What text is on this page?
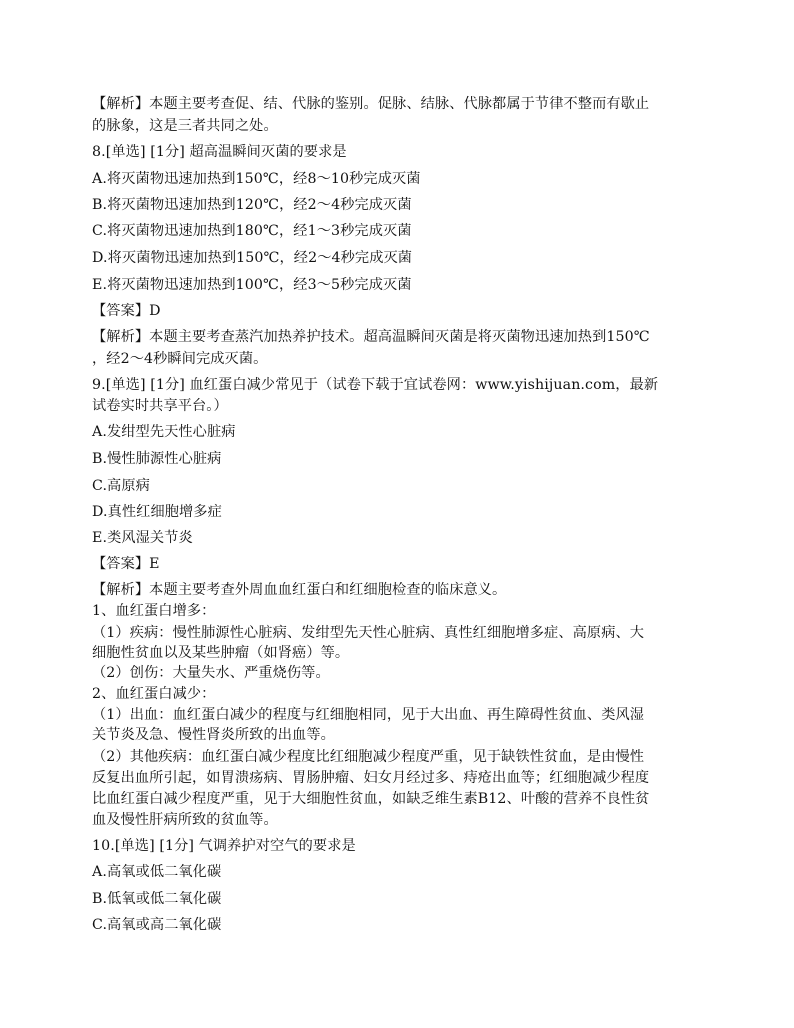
【解析】本题主要考查促、结、代脉的鉴别。促脉、结脉、代脉都属于节律不整而有歇止
的脉象，这是三者共同之处。
8.[单选] [1分] 超高温瞬间灭菌的要求是
A.将灭菌物迅速加热到150℃，经8～10秒完成灭菌
B.将灭菌物迅速加热到120℃，经2～4秒完成灭菌
C.将灭菌物迅速加热到180℃，经1～3秒完成灭菌
D.将灭菌物迅速加热到150℃，经2～4秒完成灭菌
E.将灭菌物迅速加热到100℃，经3～5秒完成灭菌
【答案】D
【解析】本题主要考查蒸汽加热养护技术。超高温瞬间灭菌是将灭菌物迅速加热到150℃
，经2～4秒瞬间完成灭菌。
9.[单选] [1分] 血红蛋白减少常见于（试卷下载于宜试卷网：www.yishijuan.com，最新
试卷实时共享平台。）
A.发绀型先天性心脏病
B.慢性肺源性心脏病
C.高原病
D.真性红细胞增多症
E.类风湿关节炎
【答案】E
【解析】本题主要考查外周血血红蛋白和红细胞检查的临床意义。
1、血红蛋白增多：
（1）疾病：慢性肺源性心脏病、发绀型先天性心脏病、真性红细胞增多症、高原病、大
细胞性贫血以及某些肿瘤（如肾癌）等。
（2）创伤：大量失水、严重烧伤等。
2、血红蛋白减少：
（1）出血：血红蛋白减少的程度与红细胞相同，见于大出血、再生障碍性贫血、类风湿
关节炎及急、慢性肾炎所致的出血等。
（2）其他疾病：血红蛋白减少程度比红细胞减少程度严重，见于缺铁性贫血，是由慢性
反复出血所引起，如胃溃疡病、胃肠肿瘤、妇女月经过多、痔疮出血等；红细胞减少程度
比血红蛋白减少程度严重，见于大细胞性贫血，如缺乏维生素B12、叶酸的营养不良性贫
血及慢性肝病所致的贫血等。
10.[单选] [1分] 气调养护对空气的要求是
A.高氧或低二氧化碳
B.低氧或低二氧化碳
C.高氧或高二氧化碳
